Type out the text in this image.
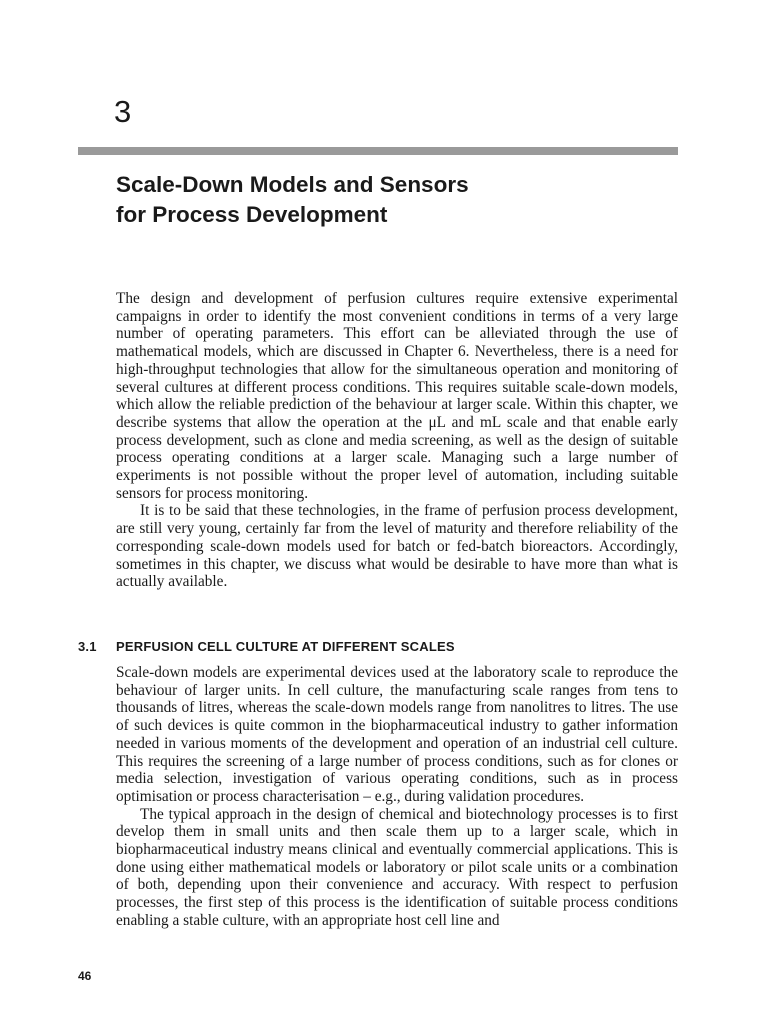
3
Scale-Down Models and Sensors
for Process Development

The design and development of perfusion cultures require extensive experimental campaigns in order to identify the most convenient conditions in terms of a very large number of operating parameters. This effort can be alleviated through the use of mathematical models, which are discussed in Chapter 6. Nevertheless, there is a need for high-throughput technologies that allow for the simultaneous operation and monitoring of several cultures at different process conditions. This requires suitable scale-down models, which allow the reliable prediction of the behaviour at larger scale. Within this chapter, we describe systems that allow the operation at the μL and mL scale and that enable early process development, such as clone and media screening, as well as the design of suitable process operating conditions at a larger scale. Managing such a large number of experiments is not possible without the proper level of automation, including suitable sensors for process monitoring.

It is to be said that these technologies, in the frame of perfusion process development, are still very young, certainly far from the level of maturity and therefore reliability of the corresponding scale-down models used for batch or fed-batch bioreactors. Accordingly, sometimes in this chapter, we discuss what would be desirable to have more than what is actually available.

3.1 PERFUSION CELL CULTURE AT DIFFERENT SCALES

Scale-down models are experimental devices used at the laboratory scale to reproduce the behaviour of larger units. In cell culture, the manufacturing scale ranges from tens to thousands of litres, whereas the scale-down models range from nanolitres to litres. The use of such devices is quite common in the biopharmaceutical industry to gather information needed in various moments of the development and operation of an industrial cell culture. This requires the screening of a large number of process conditions, such as for clones or media selection, investigation of various operating conditions, such as in process optimisation or process characterisation – e.g., during validation procedures.

The typical approach in the design of chemical and biotechnology processes is to first develop them in small units and then scale them up to a larger scale, which in biopharmaceutical industry means clinical and eventually commercial applications. This is done using either mathematical models or laboratory or pilot scale units or a combination of both, depending upon their convenience and accuracy. With respect to perfusion processes, the first step of this process is the identification of suitable process conditions enabling a stable culture, with an appropriate host cell line and

46
